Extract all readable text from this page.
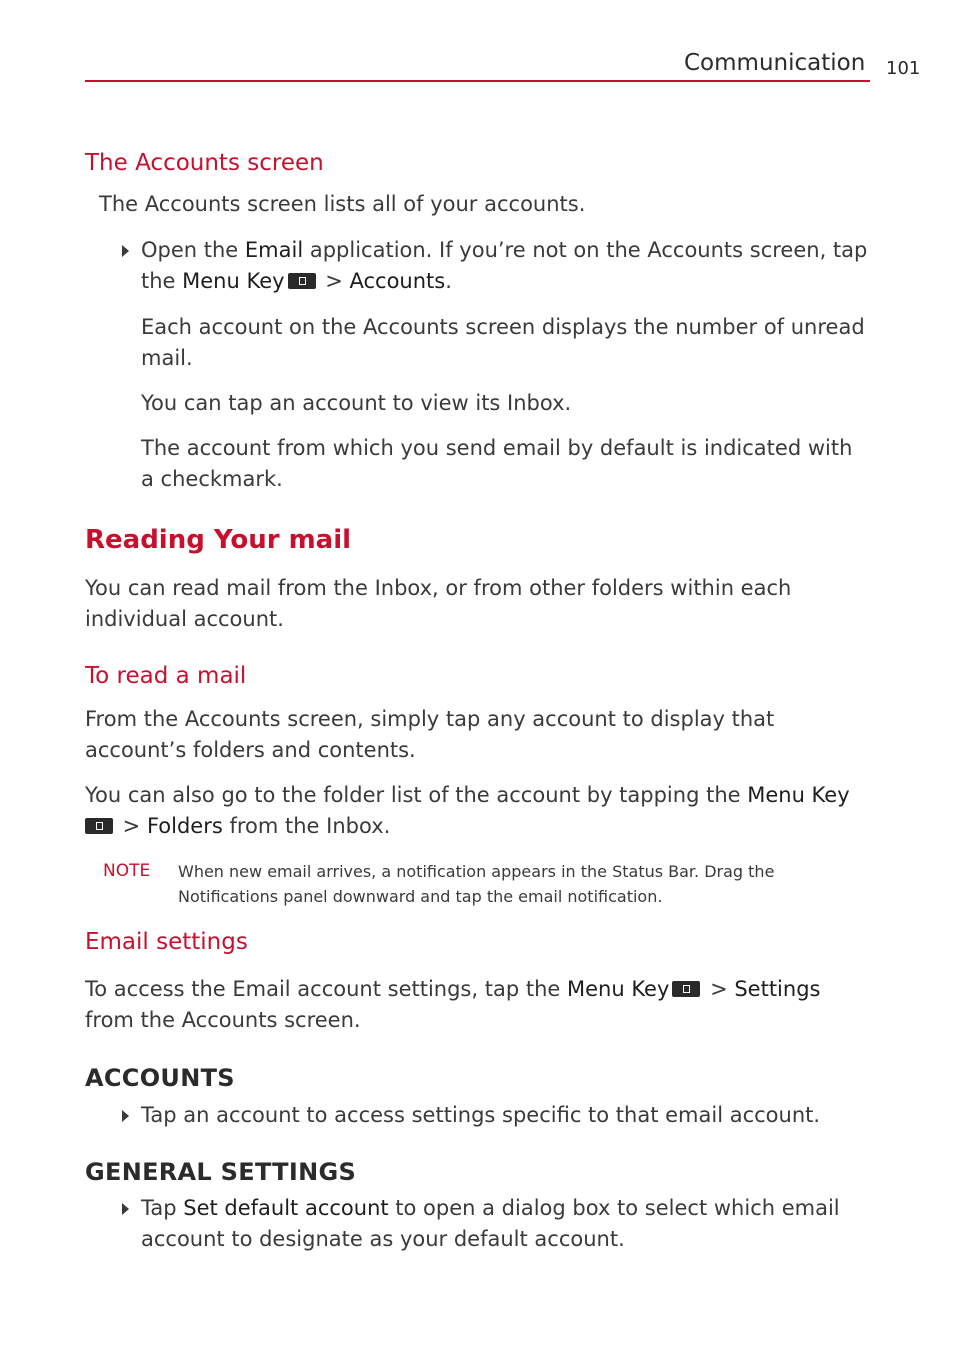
Communication 101
The Accounts screen

The Accounts screen lists all of your accounts.

Open the Email application. If you’re not on the Accounts screen, tap the Menu Key > Accounts.

Each account on the Accounts screen displays the number of unread mail.

You can tap an account to view its Inbox.

The account from which you send email by default is indicated with a checkmark.

Reading Your mail

You can read mail from the Inbox, or from other folders within each individual account.

To read a mail

From the Accounts screen, simply tap any account to display that account’s folders and contents.

You can also go to the folder list of the account by tapping the Menu Key
> Folders from the Inbox.

NOTE When new email arrives, a notification appears in the Status Bar. Drag the Notifications panel downward and tap the email notification.

Email settings

To access the Email account settings, tap the Menu Key > Settings
from the Accounts screen.

ACCOUNTS

Tap an account to access settings specific to that email account.

GENERAL SETTINGS

Tap Set default account to open a dialog box to select which email account to designate as your default account.
